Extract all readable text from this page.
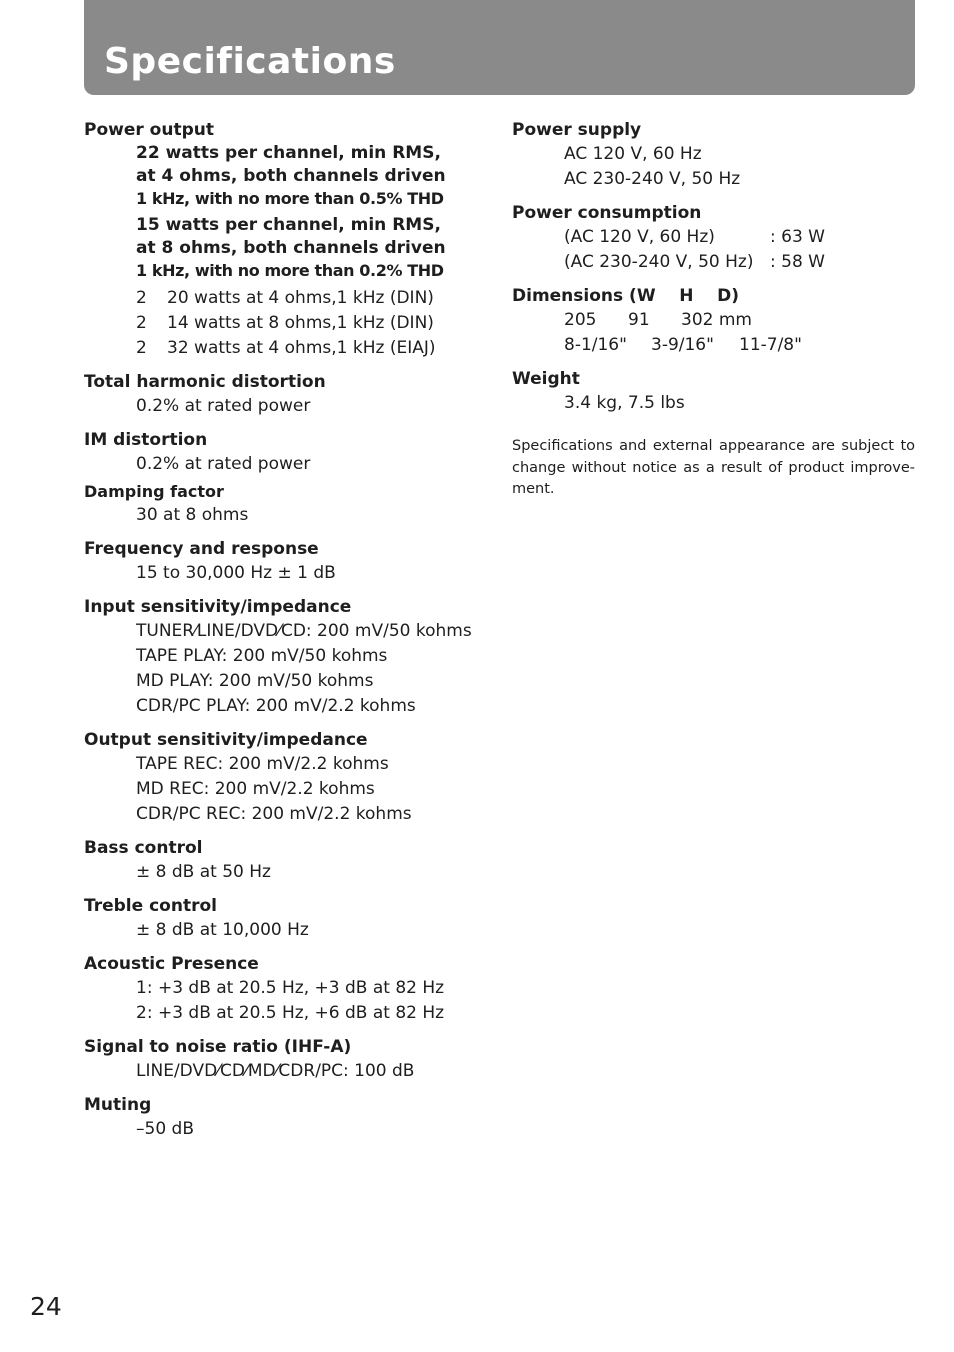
Specifications
Power output
22 watts per channel, min RMS,
at 4 ohms, both channels driven
1 kHz, with no more than 0.5% THD
15 watts per channel, min RMS,
at 8 ohms, both channels driven
1 kHz, with no more than 0.2% THD
2 20 watts at 4 ohms,1 kHz (DIN)
2 14 watts at 8 ohms,1 kHz (DIN)
2 32 watts at 4 ohms,1 kHz (EIAJ)
Total harmonic distortion
0.2% at rated power
IM distortion
0.2% at rated power
Damping factor
30 at 8 ohms
Frequency and response
15 to 30,000 Hz ± 1 dB
Input sensitivity/impedance
TUNER⁄LINE/DVD⁄CD: 200 mV/50 kohms
TAPE PLAY: 200 mV/50 kohms
MD PLAY: 200 mV/50 kohms
CDR/PC PLAY: 200 mV/2.2 kohms
Output sensitivity/impedance
TAPE REC: 200 mV/2.2 kohms
MD REC: 200 mV/2.2 kohms
CDR/PC REC: 200 mV/2.2 kohms
Bass control
± 8 dB at 50 Hz
Treble control
± 8 dB at 10,000 Hz
Acoustic Presence
1: +3 dB at 20.5 Hz, +3 dB at 82 Hz
2: +3 dB at 20.5 Hz, +6 dB at 82 Hz
Signal to noise ratio (IHF-A)
LINE/DVD⁄CD⁄MD⁄CDR/PC: 100 dB
Muting
–50 dB
Power supply
AC 120 V, 60 Hz
AC 230-240 V, 50 Hz
Power consumption
(AC 120 V, 60 Hz)	: 63 W
(AC 230-240 V, 50 Hz) : 58 W
Dimensions (W    H    D)
205 91 302 mm
8-1/16" 3-9/16" 11-7/8"
Weight
3.4 kg, 7.5 lbs
Specifications and external appearance are subject to change without notice as a result of product improve-ment.
24
